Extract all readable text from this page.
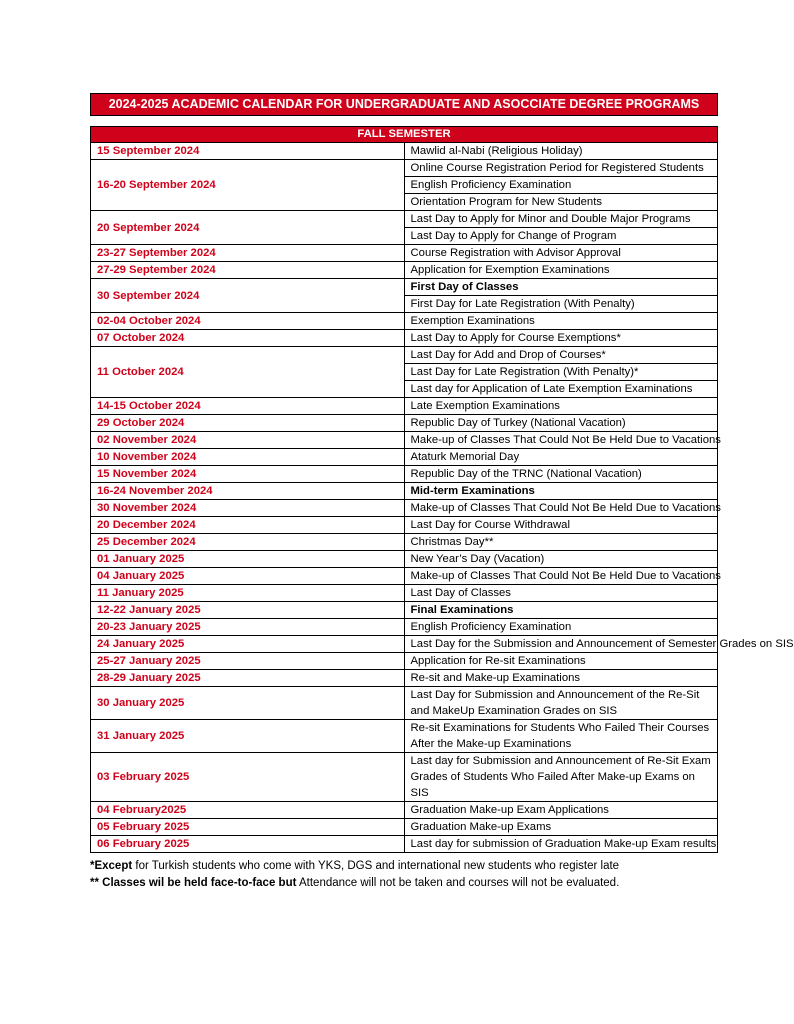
2024-2025 ACADEMIC CALENDAR FOR UNDERGRADUATE AND ASOCCIATE DEGREE PROGRAMS
FALL SEMESTER	
15 September 2024	Mawlid al-Nabi (Religious Holiday)
16-20 September 2024	Online Course Registration Period for Registered Students
	English Proficiency Examination
	Orientation Program for New Students
20 September 2024	Last Day to Apply for Minor and Double Major Programs
	Last Day to Apply for Change of Program
23-27 September 2024	Course Registration with Advisor Approval
27-29 September 2024	Application for Exemption Examinations
30 September 2024	First Day of Classes
	First Day for Late Registration (With Penalty)
02-04 October 2024	Exemption Examinations
07 October 2024	Last Day to Apply for Course Exemptions*
11 October 2024	Last Day for Add and Drop of Courses*
	Last Day for Late Registration (With Penalty)*
	Last day for Application of Late Exemption Examinations
14-15 October 2024	Late Exemption Examinations
29 October 2024	Republic Day of Turkey (National Vacation)
02 November 2024	Make-up of Classes That Could Not Be Held Due to Vacations
10 November 2024	Ataturk Memorial Day
15 November 2024	Republic Day of the TRNC (National Vacation)
16-24 November 2024	Mid-term Examinations
30 November 2024	Make-up of Classes That Could Not Be Held Due to Vacations
20 December 2024	Last Day for Course Withdrawal
25 December 2024	Christmas Day**
01 January 2025	New Year’s Day (Vacation)
04 January 2025	Make-up of Classes That Could Not Be Held Due to Vacations
11 January 2025	Last Day of Classes
12-22 January 2025	Final Examinations
20-23 January 2025	English Proficiency Examination
24 January 2025	Last Day for the Submission and Announcement of Semester Grades on SIS
25-27 January 2025	Application for Re-sit Examinations
28-29 January 2025	Re-sit and Make-up Examinations
30 January 2025	Last Day for Submission and Announcement of the Re-Sit and MakeUp Examination Grades on SIS
31 January 2025	Re-sit Examinations for Students Who Failed Their Courses After the Make-up Examinations
03 February 2025	Last day for Submission and Announcement of Re-Sit Exam Grades of Students Who Failed After Make-up Exams on SIS
04 February2025	Graduation Make-up Exam Applications
05 February 2025	Graduation Make-up Exams
06 February 2025	Last day for submission of Graduation Make-up Exam results
*Except for Turkish students who come with YKS, DGS and international new students who register late
** Classes wil be held face-to-face but Attendance will not be taken and courses will not be evaluated.
